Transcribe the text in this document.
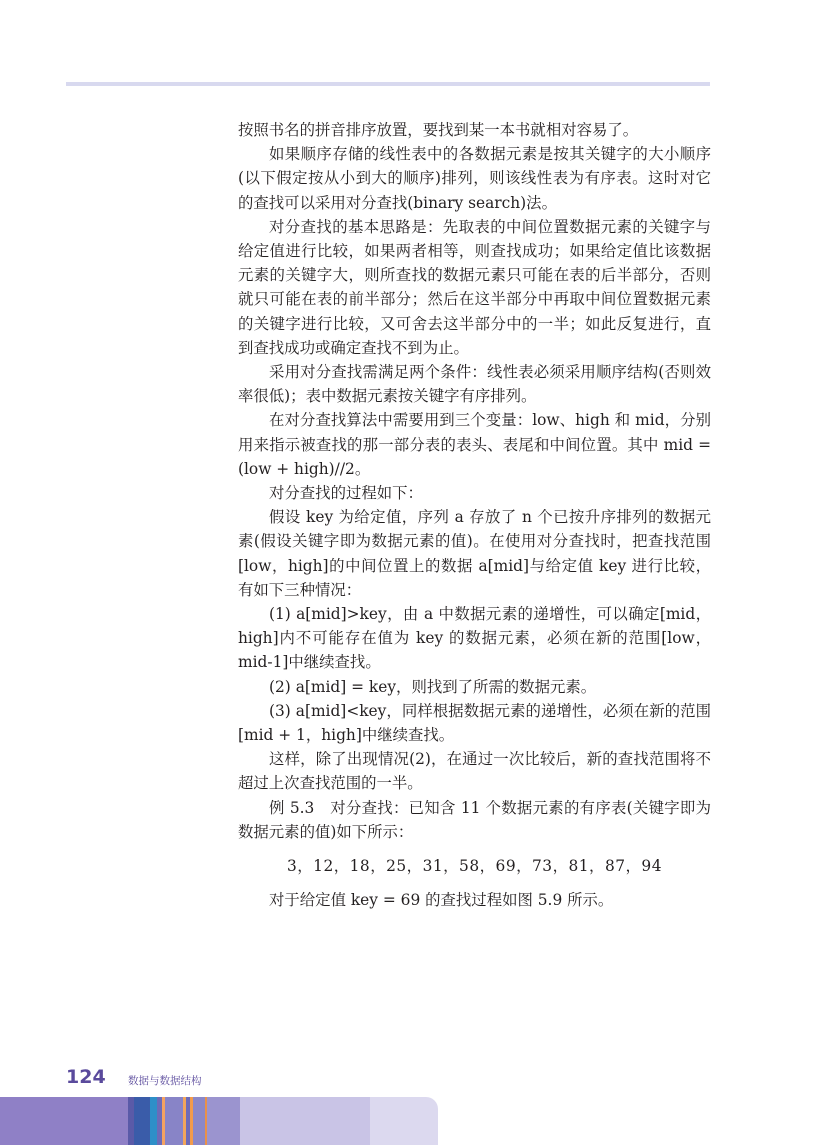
按照书名的拼音排序放置，要找到某一本书就相对容易了。

如果顺序存储的线性表中的各数据元素是按其关键字的大小顺序(以下假定按从小到大的顺序)排列，则该线性表为有序表。这时对它的查找可以采用对分查找(binary search)法。

对分查找的基本思路是：先取表的中间位置数据元素的关键字与给定值进行比较，如果两者相等，则查找成功；如果给定值比该数据元素的关键字大，则所查找的数据元素只可能在表的后半部分，否则就只可能在表的前半部分；然后在这半部分中再取中间位置数据元素的关键字进行比较，又可舍去这半部分中的一半；如此反复进行，直到查找成功或确定查找不到为止。

采用对分查找需满足两个条件：线性表必须采用顺序结构(否则效率很低)；表中数据元素按关键字有序排列。

在对分查找算法中需要用到三个变量：low、high 和 mid，分别用来指示被查找的那一部分表的表头、表尾和中间位置。其中 mid = (low + high)//2。

对分查找的过程如下：

假设 key 为给定值，序列 a 存放了 n 个已按升序排列的数据元素(假设关键字即为数据元素的值)。在使用对分查找时，把查找范围[low，high]的中间位置上的数据 a[mid]与给定值 key 进行比较，有如下三种情况：

(1) a[mid]>key，由 a 中数据元素的递增性，可以确定[mid，high]内不可能存在值为 key 的数据元素，必须在新的范围[low，mid-1]中继续查找。

(2) a[mid] = key，则找到了所需的数据元素。

(3) a[mid]<key，同样根据数据元素的递增性，必须在新的范围[mid + 1，high]中继续查找。

这样，除了出现情况(2)，在通过一次比较后，新的查找范围将不超过上次查找范围的一半。

例 5.3　对分查找：已知含 11 个数据元素的有序表(关键字即为数据元素的值)如下所示：

3，12，18，25，31，58，69，73，81，87，94

对于给定值 key = 69 的查找过程如图 5.9 所示。

124 数据与数据结构
